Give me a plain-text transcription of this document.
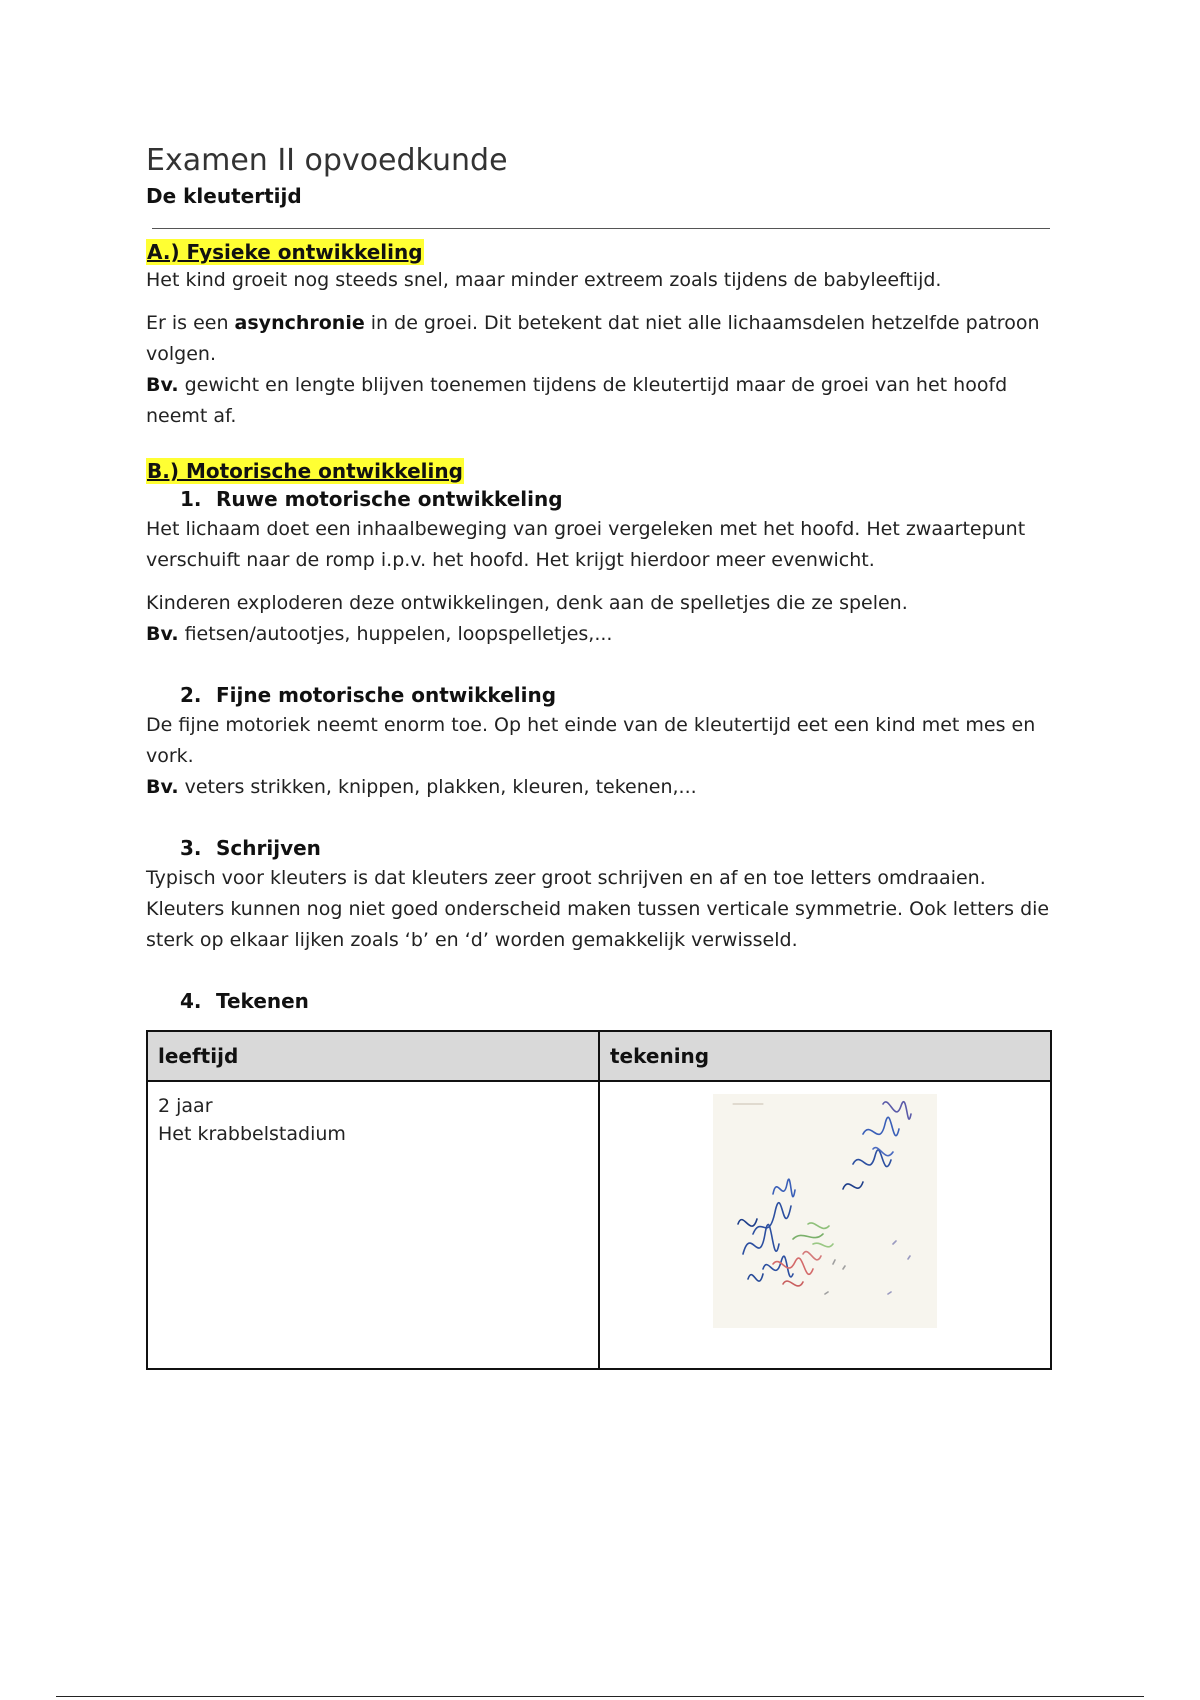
Examen II opvoedkunde
De kleutertijd
A.) Fysieke ontwikkeling

Het kind groeit nog steeds snel, maar minder extreem zoals tijdens de babyleeftijd.

Er is een asynchronie in de groei. Dit betekent dat niet alle lichaamsdelen hetzelfde patroon volgen.

Bv. gewicht en lengte blijven toenemen tijdens de kleutertijd maar de groei van het hoofd neemt af.

B.) Motorische ontwikkeling
1. Ruwe motorische ontwikkeling

Het lichaam doet een inhaalbeweging van groei vergeleken met het hoofd. Het zwaartepunt verschuift naar de romp i.p.v. het hoofd. Het krijgt hierdoor meer evenwicht.

Kinderen exploderen deze ontwikkelingen, denk aan de spelletjes die ze spelen.

Bv. fietsen/autootjes, huppelen, loopspelletjes,...

2. Fijne motorische ontwikkeling

De fijne motoriek neemt enorm toe. Op het einde van de kleutertijd eet een kind met mes en vork.

Bv. veters strikken, knippen, plakken, kleuren, tekenen,...

3. Schrijven

Typisch voor kleuters is dat kleuters zeer groot schrijven en af en toe letters omdraaien. Kleuters kunnen nog niet goed onderscheid maken tussen verticale symmetrie. Ook letters die sterk op elkaar lijken zoals ‘b’ en ‘d’ worden gemakkelijk verwisseld.

4. Tekenen
leeftijd	tekening

2 jaar
Het krabbelstadium
